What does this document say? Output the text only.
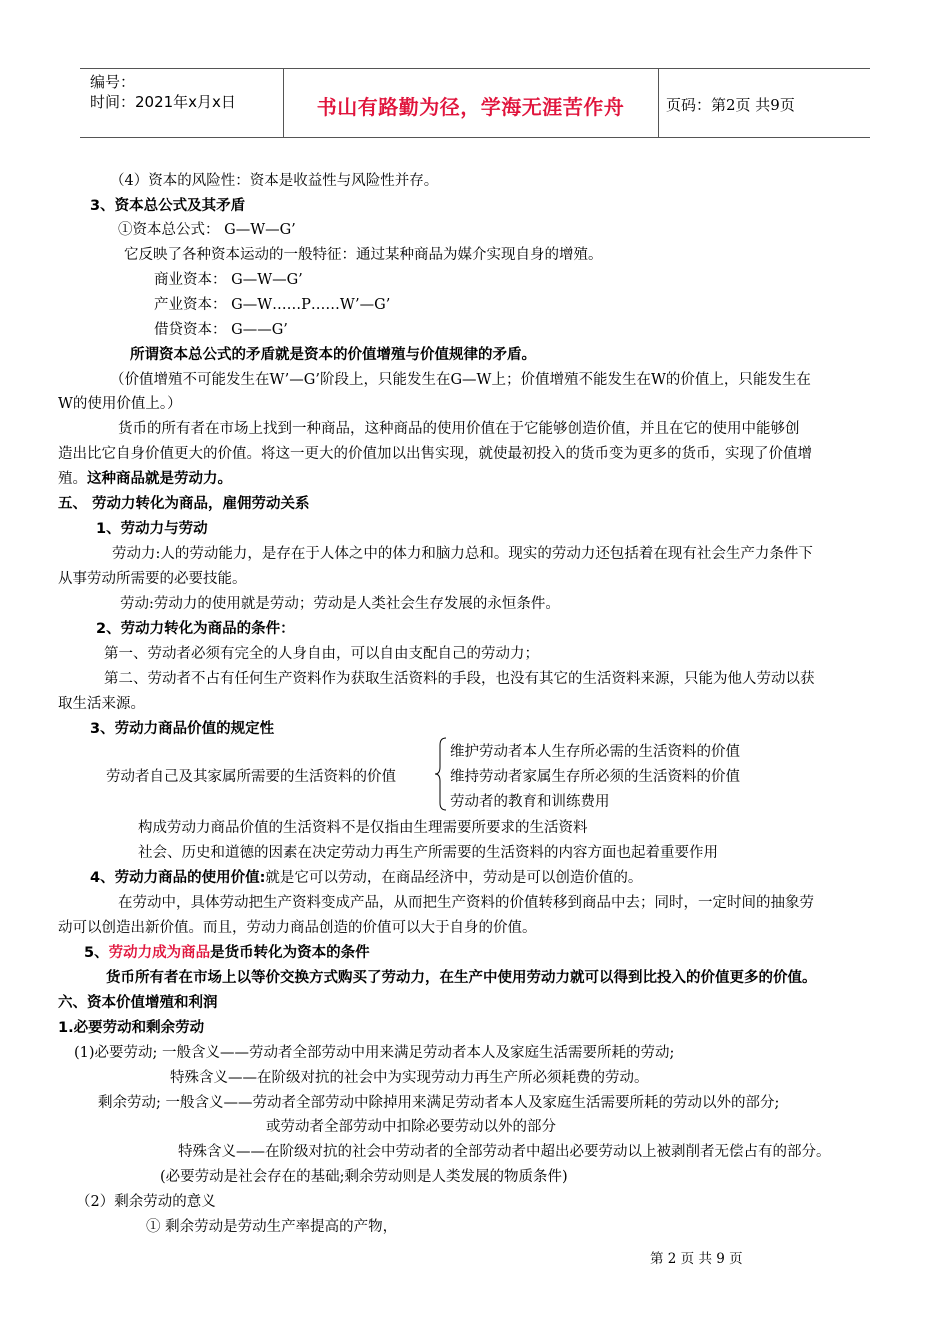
编号：
时间：2021年x月x日	书山有路勤为径，学海无涯苦作舟	页码：第2页 共9页
（4）资本的风险性：资本是收益性与风险性并存。
3、资本总公式及其矛盾
①资本总公式： G—W—G’
它反映了各种资本运动的一般特征：通过某种商品为媒介实现自身的增殖。
商业资本： G—W—G’
产业资本： G—W……P……W’—G’
借贷资本： G——G’
所谓资本总公式的矛盾就是资本的价值增殖与价值规律的矛盾。
（价值增殖不可能发生在W’—G’阶段上，只能发生在G—W上；价值增殖不能发生在W的价值上，只能发生在
W的使用价值上。）
货币的所有者在市场上找到一种商品，这种商品的使用价值在于它能够创造价值，并且在它的使用中能够创
造出比它自身价值更大的价值。将这一更大的价值加以出售实现，就使最初投入的货币变为更多的货币，实现了价值增
殖。这种商品就是劳动力。
五、 劳动力转化为商品，雇佣劳动关系
1、劳动力与劳动
劳动力:人的劳动能力，是存在于人体之中的体力和脑力总和。现实的劳动力还包括着在现有社会生产力条件下
从事劳动所需要的必要技能。
劳动:劳动力的使用就是劳动；劳动是人类社会生存发展的永恒条件。
2、劳动力转化为商品的条件：
第一、劳动者必须有完全的人身自由，可以自由支配自己的劳动力；
第二、劳动者不占有任何生产资料作为获取生活资料的手段，也没有其它的生活资料来源，只能为他人劳动以获
取生活来源。
3、劳动力商品价值的规定性
劳动者自己及其家属所需要的生活资料的价值
维护劳动者本人生存所必需的生活资料的价值
维持劳动者家属生存所必须的生活资料的价值
劳动者的教育和训练费用
构成劳动力商品价值的生活资料不是仅指由生理需要所要求的生活资料
社会、历史和道德的因素在决定劳动力再生产所需要的生活资料的内容方面也起着重要作用
4、劳动力商品的使用价值:就是它可以劳动，在商品经济中，劳动是可以创造价值的。
在劳动中，具体劳动把生产资料变成产品，从而把生产资料的价值转移到商品中去；同时，一定时间的抽象劳
动可以创造出新价值。而且，劳动力商品创造的价值可以大于自身的价值。
5、劳动力成为商品是货币转化为资本的条件
货币所有者在市场上以等价交换方式购买了劳动力，在生产中使用劳动力就可以得到比投入的价值更多的价值。
六、资本价值增殖和利润
1.必要劳动和剩余劳动
(1)必要劳动; 一般含义——劳动者全部劳动中用来满足劳动者本人及家庭生活需要所耗的劳动;
特殊含义——在阶级对抗的社会中为实现劳动力再生产所必须耗费的劳动。
剩余劳动; 一般含义——劳动者全部劳动中除掉用来满足劳动者本人及家庭生活需要所耗的劳动以外的部分;
或劳动者全部劳动中扣除必要劳动以外的部分
特殊含义——在阶级对抗的社会中劳动者的全部劳动者中超出必要劳动以上被剥削者无偿占有的部分。
(必要劳动是社会存在的基础;剩余劳动则是人类发展的物质条件)
（2）剩余劳动的意义
① 剩余劳动是劳动生产率提高的产物，
第 2 页 共 9 页
